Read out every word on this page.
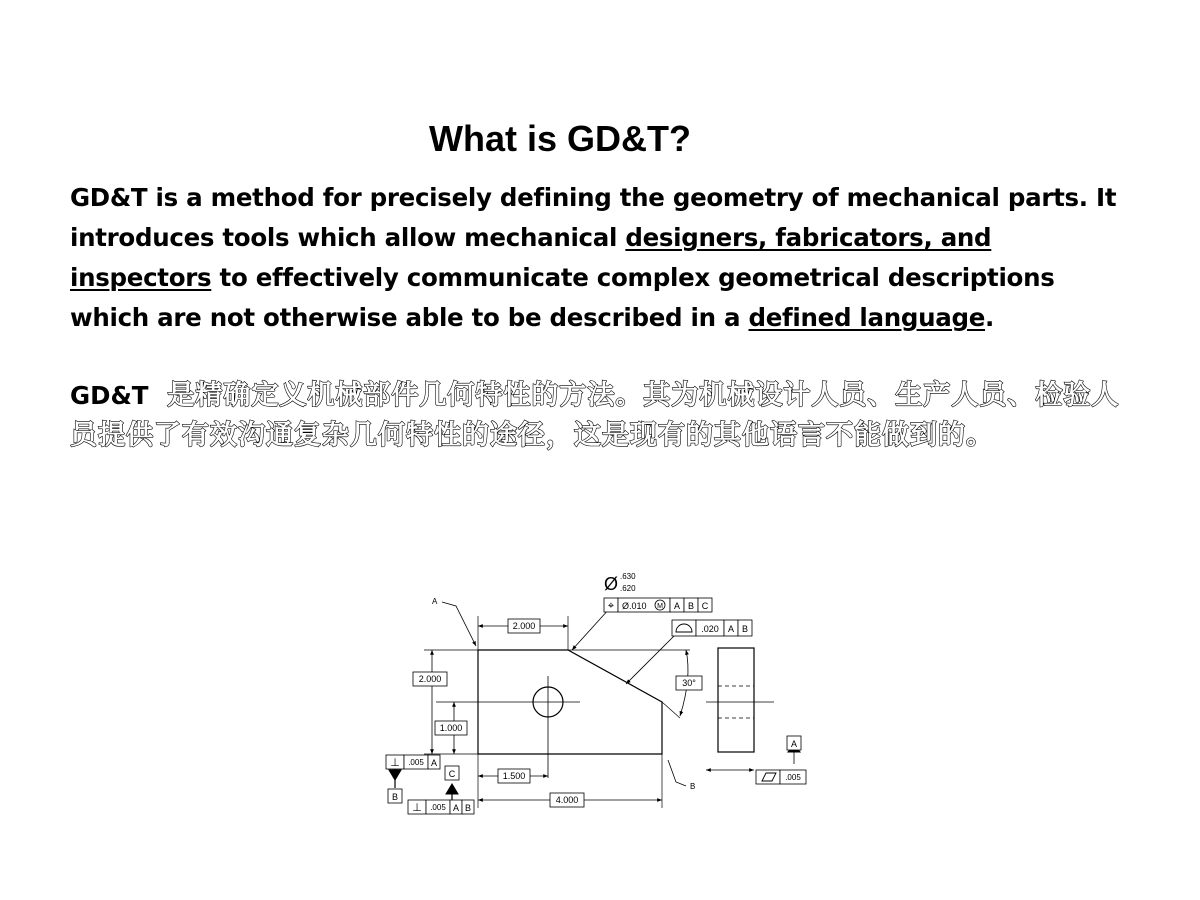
What is GD&T?
GD&T is a method for precisely defining the geometry of mechanical parts. It introduces tools which allow mechanical designers, fabricators, and inspectors to effectively communicate complex geometrical descriptions which are not otherwise able to be described in a defined language.
GD&T 是精确定义机械部件几何特性的方法。其为机械设计人员、生产人员、检验人员提供了有效沟通复杂几何特性的途径，这是现有的其他语言不能做到的。
2.000
2.000
1.000
1.500
4.000
30°
Ø .630
.620
⌖ Ø.010 M A B C
.020 A B
⊥ .005 A
B
C
⊥ .005 A B
A
.005
A
B
